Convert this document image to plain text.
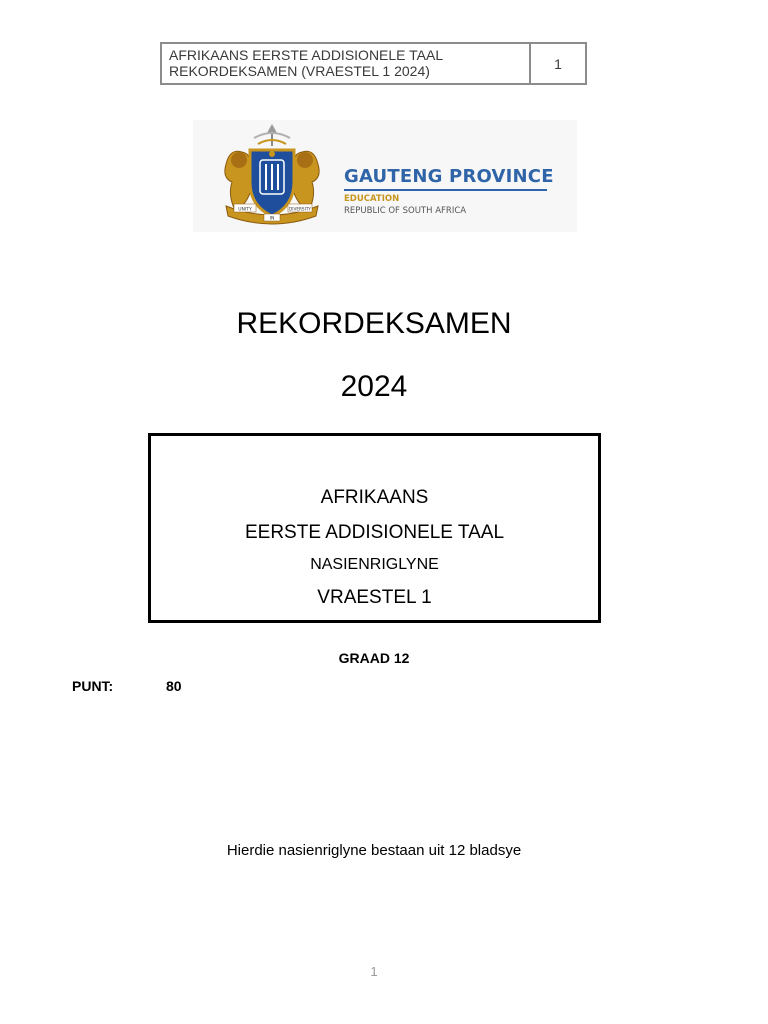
AFRIKAANS EERSTE ADDISIONELE TAAL
REKORDEKSAMEN (VRAESTEL 1 2024)	1
UNITY
IN
DIVERSITY
GAUTENG PROVINCE
EDUCATION
REPUBLIC OF SOUTH AFRICA
REKORDEKSAMEN
2024
AFRIKAANS
EERSTE ADDISIONELE TAAL
NASIENRIGLYNE
VRAESTEL 1
GRAAD 12
PUNT:	80
Hierdie nasienriglyne bestaan uit 12 bladsye
1
